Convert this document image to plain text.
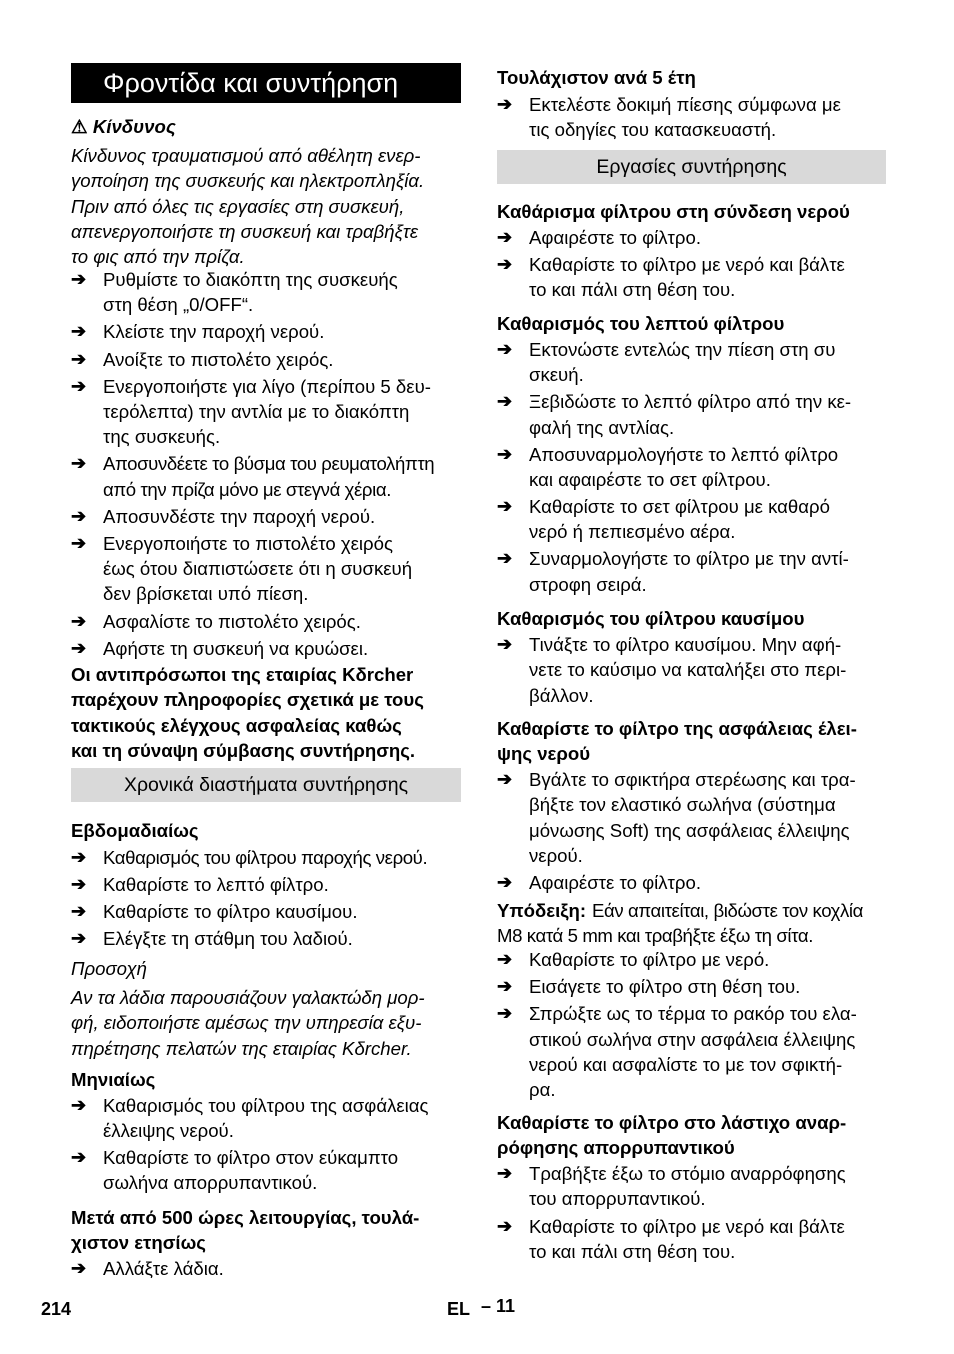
Φροντίδα και συντήρηση
⚠ Κίνδυνος
Κίνδυνος τραυματισμού από αθέλητη ενερ-
γοποίηση της συσκευής και ηλεκτροπληξία.
Πριν από όλες τις εργασίες στη συσκευή,
απενεργοποιήστε τη συσκευή και τραβήξτε
το φις από την πρίζα.
➔ Ρυθμίστε το διακόπτη της συσκευής
στη θέση „0/OFF“.
➔ Κλείστε την παροχή νερού.
➔ Ανοίξτε το πιστολέτο χειρός.
➔ Ενεργοποιήστε για λίγο (περίπου 5 δευ-
τερόλεπτα) την αντλία με το διακόπτη
της συσκευής.
➔ Αποσυνδέετε το βύσμα του ρευματολήπτη
από την πρίζα μόνο με στεγνά χέρια.
➔ Αποσυνδέστε την παροχή νερού.
➔ Ενεργοποιήστε το πιστολέτο χειρός
έως ότου διαπιστώσετε ότι η συσκευή
δεν βρίσκεται υπό πίεση.
➔ Ασφαλίστε το πιστολέτο χειρός.
➔ Αφήστε τη συσκευή να κρυώσει.
Οι αντιπρόσωποι της εταιρίας Kδrcher
παρέχουν πληροφορίες σχετικά με τους
τακτικούς ελέγχους ασφαλείας καθώς
και τη σύναψη σύμβασης συντήρησης.
Χρονικά διαστήματα συντήρησης
Εβδομαδιαίως
➔ Καθαρισμός του φίλτρου παροχής νερού.
➔ Καθαρίστε το λεπτό φίλτρο.
➔ Καθαρίστε το φίλτρο καυσίμου.
➔ Ελέγξτε τη στάθμη του λαδιού.
Προσοχή
Αν τα λάδια παρουσιάζουν γαλακτώδη μορ-
φή, ειδοποιήστε αμέσως την υπηρεσία εξυ-
πηρέτησης πελατών της εταιρίας Kδrcher.
Μηνιαίως
➔ Καθαρισμός του φίλτρου της ασφάλειας
έλλειψης νερού.
➔ Καθαρίστε το φίλτρο στον εύκαμπτο
σωλήνα απορρυπαντικού.
Μετά από 500 ώρες λειτουργίας, τουλά-
χιστον ετησίως
➔ Αλλάξτε λάδια.
Τουλάχιστον ανά 5 έτη
➔ Εκτελέστε δοκιμή πίεσης σύμφωνα με
τις οδηγίες του κατασκευαστή.
Εργασίες συντήρησης
Καθάρισμα φίλτρου στη σύνδεση νερού
➔ Αφαιρέστε το φίλτρο.
➔ Καθαρίστε το φίλτρο με νερό και βάλτε
το και πάλι στη θέση του.
Καθαρισμός του λεπτού φίλτρου
➔ Εκτονώστε εντελώς την πίεση στη συ
σκευή.
➔ Ξεβιδώστε το λεπτό φίλτρο από την κε-
φαλή της αντλίας.
➔ Αποσυναρμολογήστε το λεπτό φίλτρο
και αφαιρέστε το σετ φίλτρου.
➔ Καθαρίστε το σετ φίλτρου με καθαρό
νερό ή πεπιεσμένο αέρα.
➔ Συναρμολογήστε το φίλτρο με την αντί-
στροφη σειρά.
Καθαρισμός του φίλτρου καυσίμου
➔ Τινάξτε το φίλτρο καυσίμου. Μην αφή-
νετε το καύσιμο να καταλήξει στο περι-
βάλλον.
Καθαρίστε το φίλτρο της ασφάλειας έλει-
ψης νερού
➔ Βγάλτε το σφικτήρα στερέωσης και τρα-
βήξτε τον ελαστικό σωλήνα (σύστημα
μόνωσης Soft) της ασφάλειας έλλειψης
νερού.
➔ Αφαιρέστε το φίλτρο.
Υπόδειξη: Εάν απαιτείται, βιδώστε τον κοχλία
M8 κατά 5 mm και τραβήξτε έξω τη σίτα.
➔ Καθαρίστε το φίλτρο με νερό.
➔ Εισάγετε το φίλτρο στη θέση του.
➔ Σπρώξτε ως το τέρμα το ρακόρ του ελα-
στικού σωλήνα στην ασφάλεια έλλειψης
νερού και ασφαλίστε το με τον σφικτή-
ρα.
Καθαρίστε το φίλτρο στο λάστιχο αναρ-
ρόφησης απορρυπαντικού
➔ Τραβήξτε έξω το στόμιο αναρρόφησης
του απορρυπαντικού.
➔ Καθαρίστε το φίλτρο με νερό και βάλτε
το και πάλι στη θέση του.
214	EL – 11
